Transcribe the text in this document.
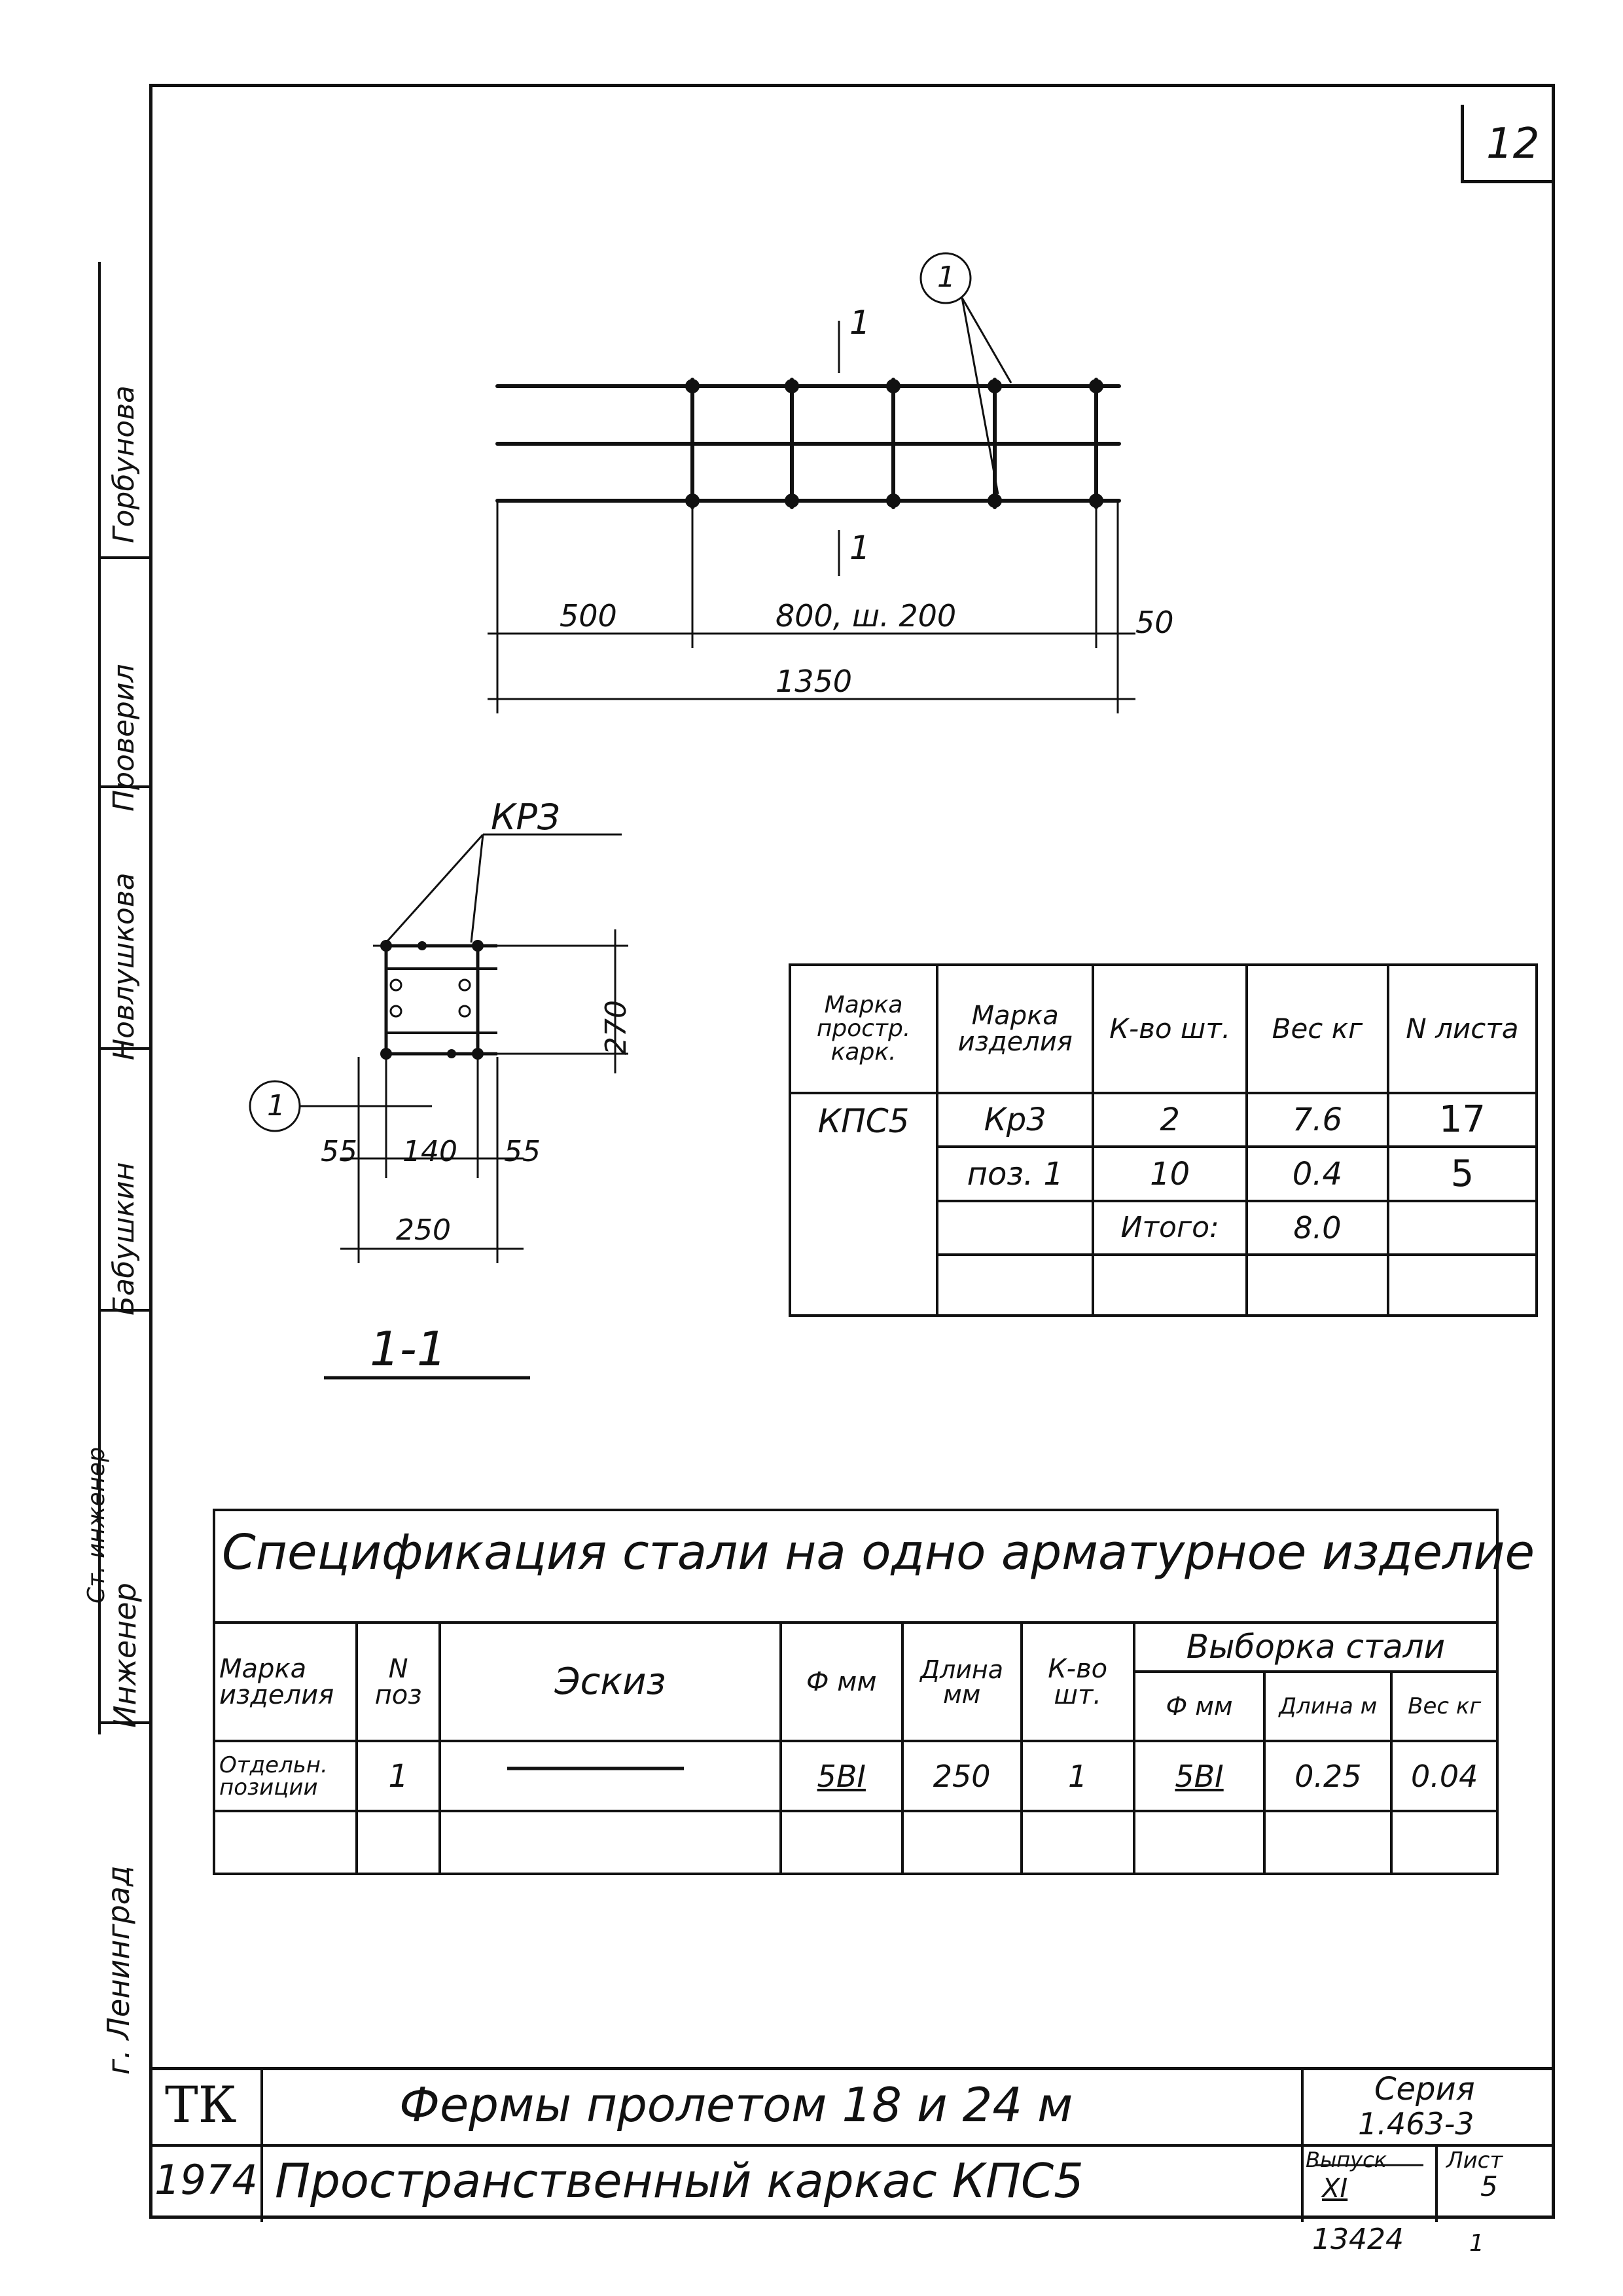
12
Инженер
Ст. инженер
Бабушкин
Новлушкова
Проверил
Горбунова
г. Ленинград
1
1
1
500	800, ш. 200	50
1350
КРЗ
1
270
55 140 55
250
1-1
Марка простр. карк.	Марка изделия	К-во шт.	Вес кг	N листа
КПС5	Кр3	2	7.6	17
	поз. 1	10	0.4	5
		Итого:	8.0	

Спецификация стали на одно арматурное изделие
Марка изделия	N поз	Эскиз	Ф мм	Длина мм	К-во шт.	Выборка стали		
						Ф мм	Длина м	Вес кг
Отдельн. позиции	1		5ВI	250	1	5ВI	0.25	0.04

ТК
1974
Фермы пролетом 18 и 24 м
Пространственный каркас КПС5
Серия
1.463-3
Выпуск
XI
Лист
5
13424	1
